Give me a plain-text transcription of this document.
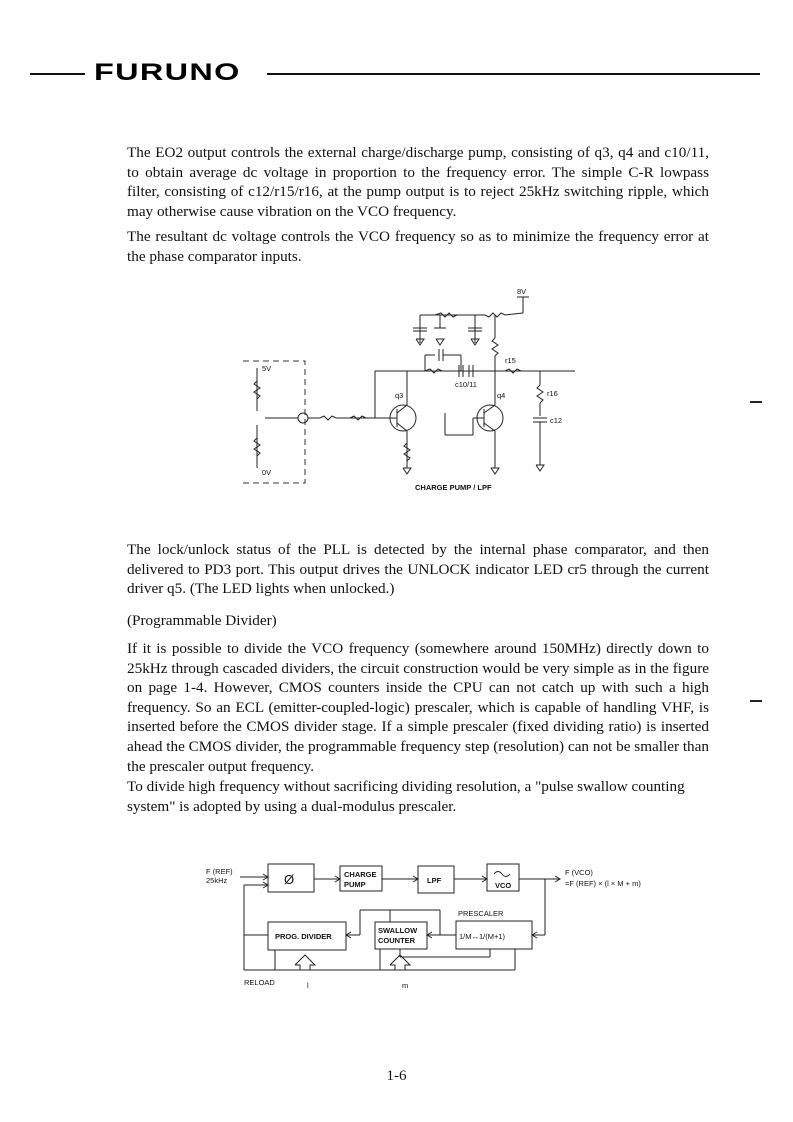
FURUNO

The EO2 output controls the external charge/discharge pump, consisting of q3, q4 and c10/11, to obtain average dc voltage in proportion to the frequency error. The simple C-R lowpass filter, consisting of c12/r15/r16, at the pump output is to reject 25kHz switching ripple, which may otherwise cause vibration on the VCO frequency.

The resultant dc voltage controls the VCO frequency so as to minimize the frequency error at the phase comparator inputs.

8V
r15
r16
c12
c10/11
q3	q4
5V
0V
CHARGE PUMP / LPF

The lock/unlock status of the PLL is detected by the internal phase comparator, and then delivered to PD3 port. This output drives the UNLOCK indicator LED cr5 through the current driver q5. (The LED lights when unlocked.)

(Programmable Divider)

If it is possible to divide the VCO frequency (somewhere around 150MHz) directly down to 25kHz through cascaded dividers, the circuit construction would be very simple as in the figure on page 1-4. However, CMOS counters inside the CPU can not catch up with such a high frequency. So an ECL (emitter-coupled-logic) prescaler, which is capable of handling VHF, is inserted before the CMOS divider stage. If a simple prescaler (fixed dividing ratio) is inserted ahead the CMOS divider, the programmable frequency step (resolution) can not be smaller than the prescaler output frequency.

To divide high frequency without sacrificing dividing resolution, a "pulse swallow counting system" is adopted by using a dual-modulus prescaler.

F (REF)
25kHz	Ø	CHARGE
PUMP	LPF
VCO
F (VCO)
=F (REF) × (l × M + m)
PRESCALER
PROG. DIVIDER
SWALLOW
COUNTER	1/M↔1/(M+1)
RELOAD	l	m
1-6
